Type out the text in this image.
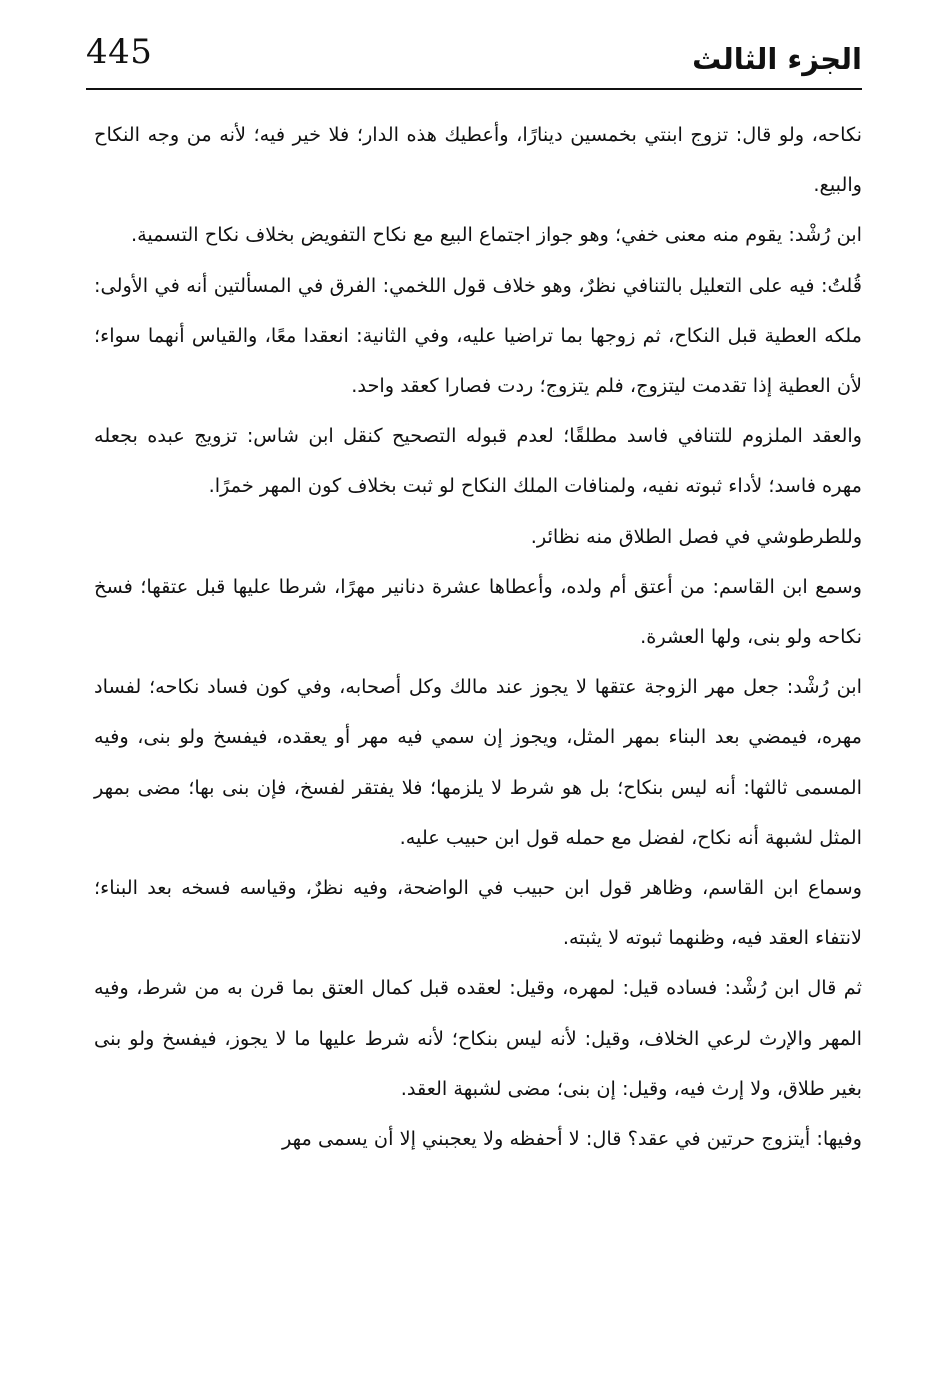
445	الجزء الثالث

نكاحه، ولو قال: تزوج ابنتي بخمسين دينارًا، وأعطيك هذه الدار؛ فلا خير فيه؛ لأنه من وجه النكاح والبيع.

ابن رُشْد: يقوم منه معنى خفي؛ وهو جواز اجتماع البيع مع نكاح التفويض بخلاف نكاح التسمية.

قُلتُ: فيه على التعليل بالتنافي نظرٌ، وهو خلاف قول اللخمي: الفرق في المسألتين أنه في الأولى: ملكه العطية قبل النكاح، ثم زوجها بما تراضيا عليه، وفي الثانية: انعقدا معًا، والقياس أنهما سواء؛ لأن العطية إذا تقدمت ليتزوج، فلم يتزوج؛ ردت فصارا كعقد واحد.

والعقد الملزوم للتنافي فاسد مطلقًا؛ لعدم قبوله التصحيح كنقل ابن شاس: تزويج عبده بجعله مهره فاسد؛ لأداء ثبوته نفيه، ولمنافات الملك النكاح لو ثبت بخلاف كون المهر خمرًا.

وللطرطوشي في فصل الطلاق منه نظائر.

وسمع ابن القاسم: من أعتق أم ولده، وأعطاها عشرة دنانير مهرًا، شرطا عليها قبل عتقها؛ فسخ نكاحه ولو بنى، ولها العشرة.

ابن رُشْد: جعل مهر الزوجة عتقها لا يجوز عند مالك وكل أصحابه، وفي كون فساد نكاحه؛ لفساد مهره، فيمضي بعد البناء بمهر المثل، ويجوز إن سمي فيه مهر أو يعقده، فيفسخ ولو بنى، وفيه المسمى ثالثها: أنه ليس بنكاح؛ بل هو شرط لا يلزمها؛ فلا يفتقر لفسخ، فإن بنى بها؛ مضى بمهر المثل لشبهة أنه نكاح، لفضل مع حمله قول ابن حبيب عليه.

وسماع ابن القاسم، وظاهر قول ابن حبيب في الواضحة، وفيه نظرٌ، وقياسه فسخه بعد البناء؛ لانتفاء العقد فيه، وظنهما ثبوته لا يثبته.

ثم قال ابن رُشْد: فساده قيل: لمهره، وقيل: لعقده قبل كمال العتق بما قرن به من شرط، وفيه المهر والإرث لرعي الخلاف، وقيل: لأنه ليس بنكاح؛ لأنه شرط عليها ما لا يجوز، فيفسخ ولو بنى بغير طلاق، ولا إرث فيه، وقيل: إن بنى؛ مضى لشبهة العقد.

وفيها: أيتزوج حرتين في عقد؟ قال: لا أحفظه ولا يعجبني إلا أن يسمى مهر
